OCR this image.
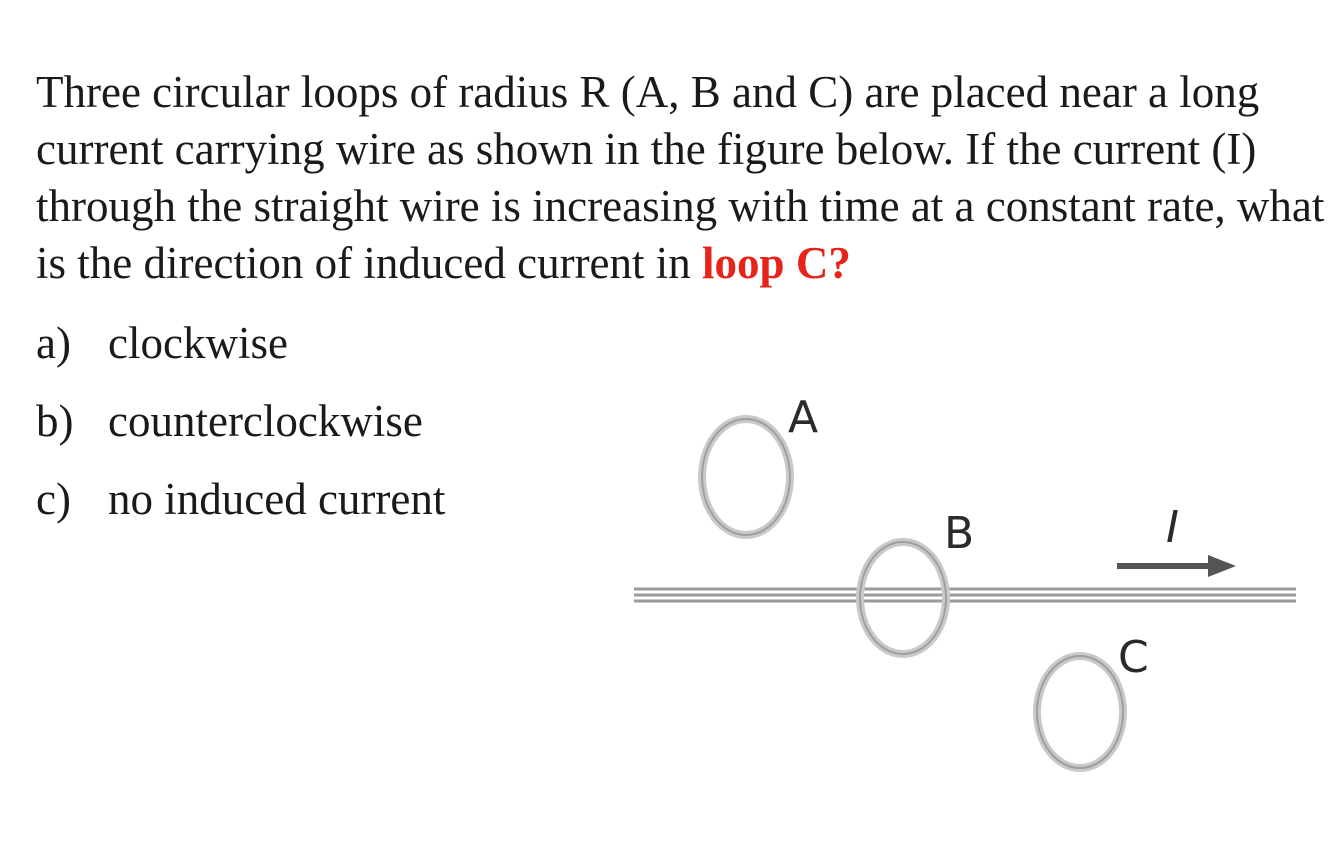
Three circular loops of radius R (A, B and C) are placed near a long current carrying wire as shown in the figure below. If the current (I) through the straight wire is increasing with time at a constant rate, what is the direction of induced current in loop C?

a) clockwise
b) counterclockwise
c) no induced current
A
B
C
I
